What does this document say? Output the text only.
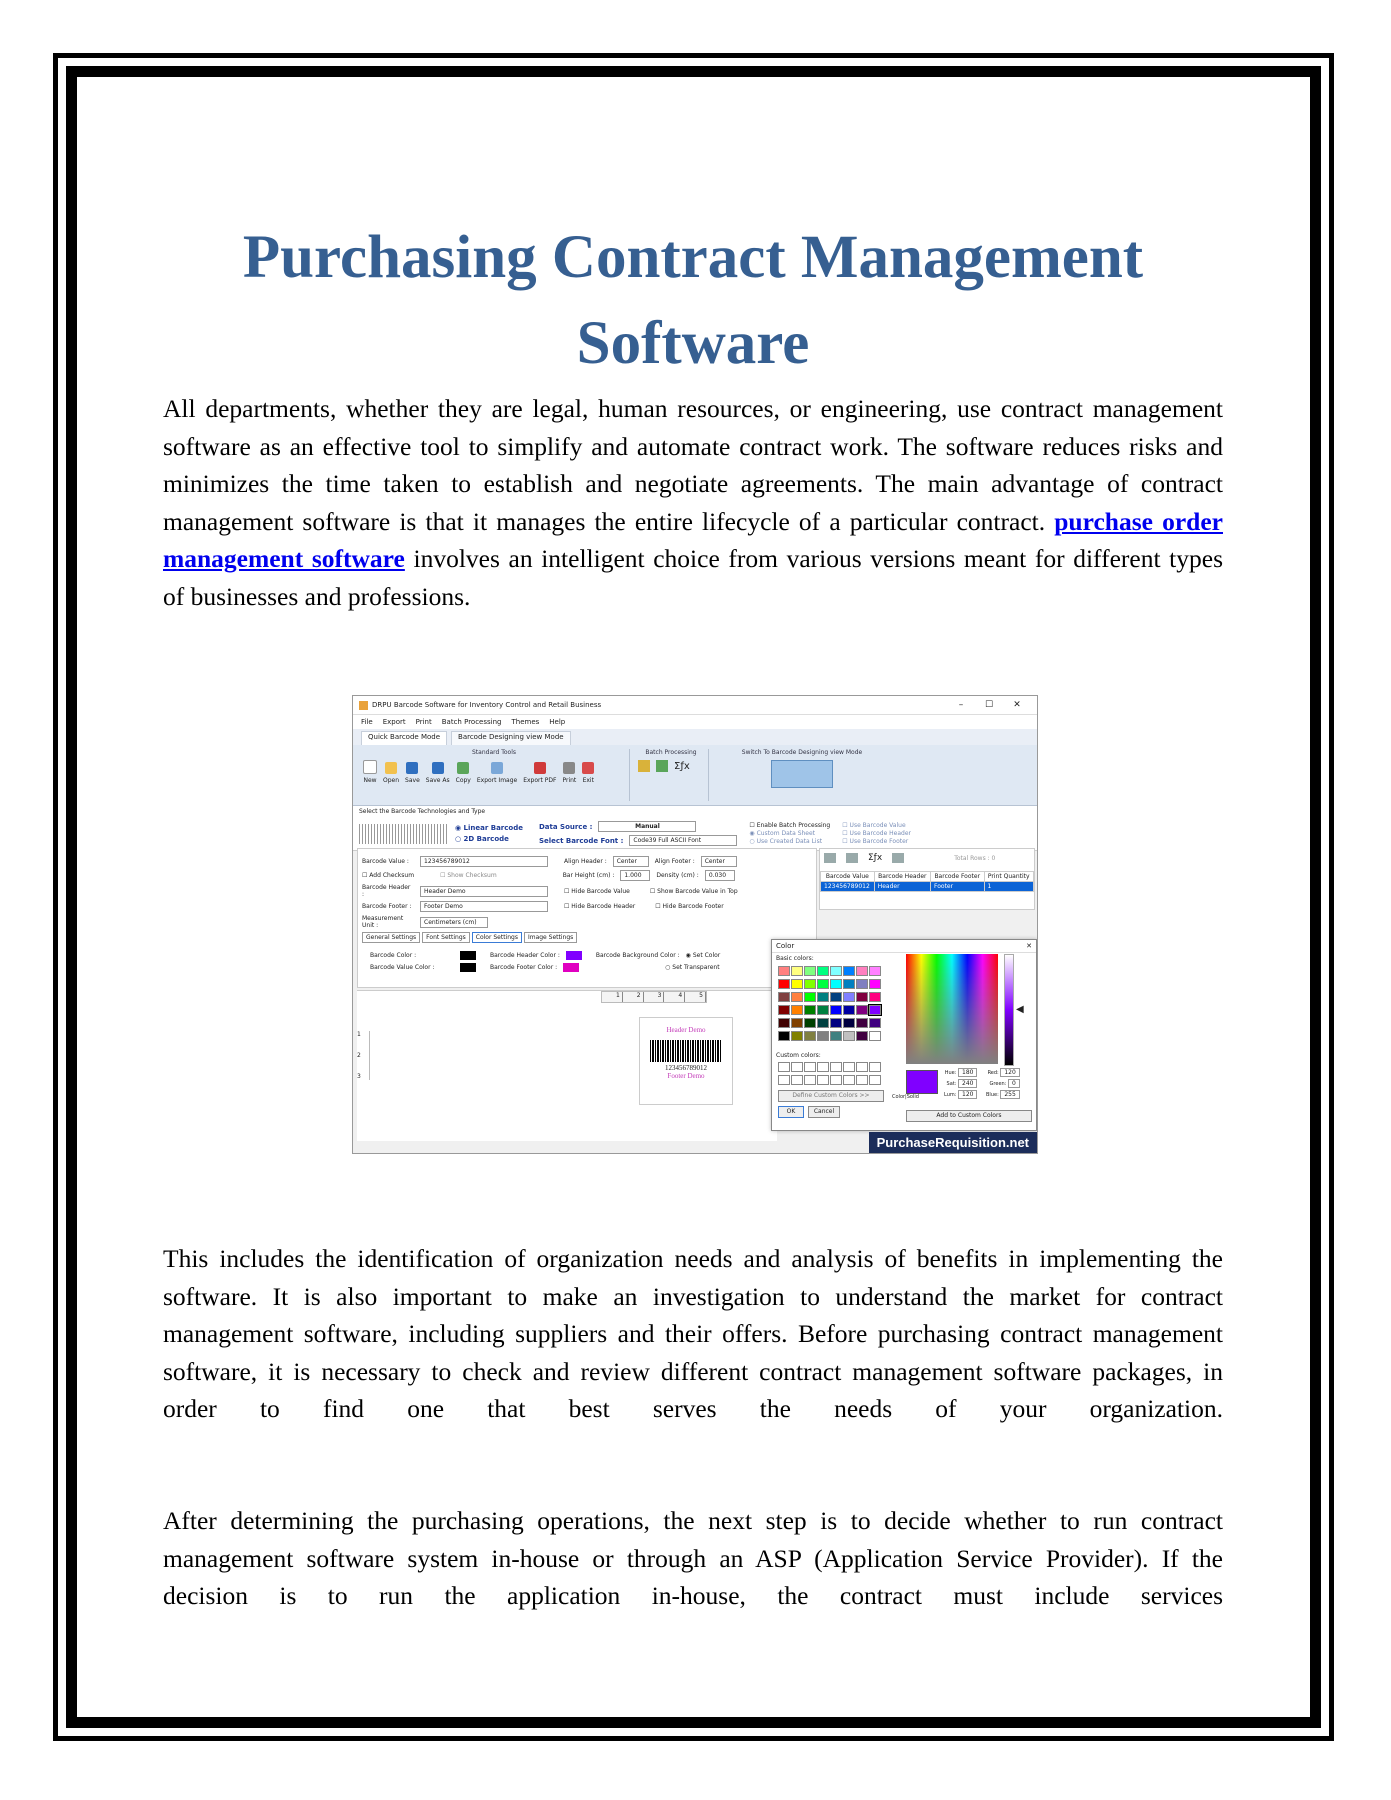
Purchasing Contract Management Software

All departments, whether they are legal, human resources, or engineering, use contract management software as an effective tool to simplify and automate contract work. The software reduces risks and minimizes the time taken to establish and negotiate agreements. The main advantage of contract management software is that it manages the entire lifecycle of a particular contract. purchase order management software involves an intelligent choice from various versions meant for different types of businesses and professions.

DRPU Barcode Software for Inventory Control and Retail Business	–	☐	✕
File Export Print Batch Processing Themes Help
Quick Barcode Mode	Barcode Designing view Mode
Standard Tools
New Open Save Save As Copy Export Image Export PDF Print Exit
Batch Processing
Σƒx
Switch To Barcode Designing view Mode
Select the Barcode Technologies and Type
◉ Linear Barcode
○ 2D Barcode
Data Source :	Manual
Select Barcode Font :	Code39 Full ASCII Font
☐ Enable Batch Processing
◉ Custom Data Sheet
○ Use Created Data List
☐ Use Barcode Value
☐ Use Barcode Header
☐ Use Barcode Footer
Barcode Value :	123456789012	Align Header :	Center	Align Footer :	Center
☐ Add Checksum	☐ Show Checksum	Bar Height (cm) :	1.000	Density (cm) :	0.030
Barcode Header :	Header Demo	☐ Hide Barcode Value	☐ Show Barcode Value in Top
Barcode Footer :	Footer Demo	☐ Hide Barcode Header	☐ Hide Barcode Footer
Measurement Unit :	Centimeters (cm)
General Settings	Font Settings	Color Settings	Image Settings
Barcode Color :	Barcode Header Color :	Barcode Background Color : ◉ Set Color
Barcode Value Color :	Barcode Footer Color :	○ Set Transparent
Σƒx	Total Rows : 0
Barcode Value	Barcode Header	Barcode Footer	Print Quantity
123456789012	Header	Footer	1
1	2	3	4	5
1
2
3
Header Demo
123456789012
Footer Demo
Color	✕
Basic colors:
Custom colors:
Define Custom Colors >>
OK	Cancel
◀
Color|Solid
Hue: 180
Sat: 240
Lum: 120
Red: 120
Green: 0
Blue: 255
Add to Custom Colors
PurchaseRequisition.net

This includes the identification of organization needs and analysis of benefits in implementing the software. It is also important to make an investigation to understand the market for contract management software, including suppliers and their offers. Before purchasing contract management software, it is necessary to check and review different contract management software packages, in order to find one that best serves the needs of your organization.

After determining the purchasing operations, the next step is to decide whether to run contract management software system in-house or through an ASP (Application Service Provider). If the decision is to run the application in-house, the contract must include services
